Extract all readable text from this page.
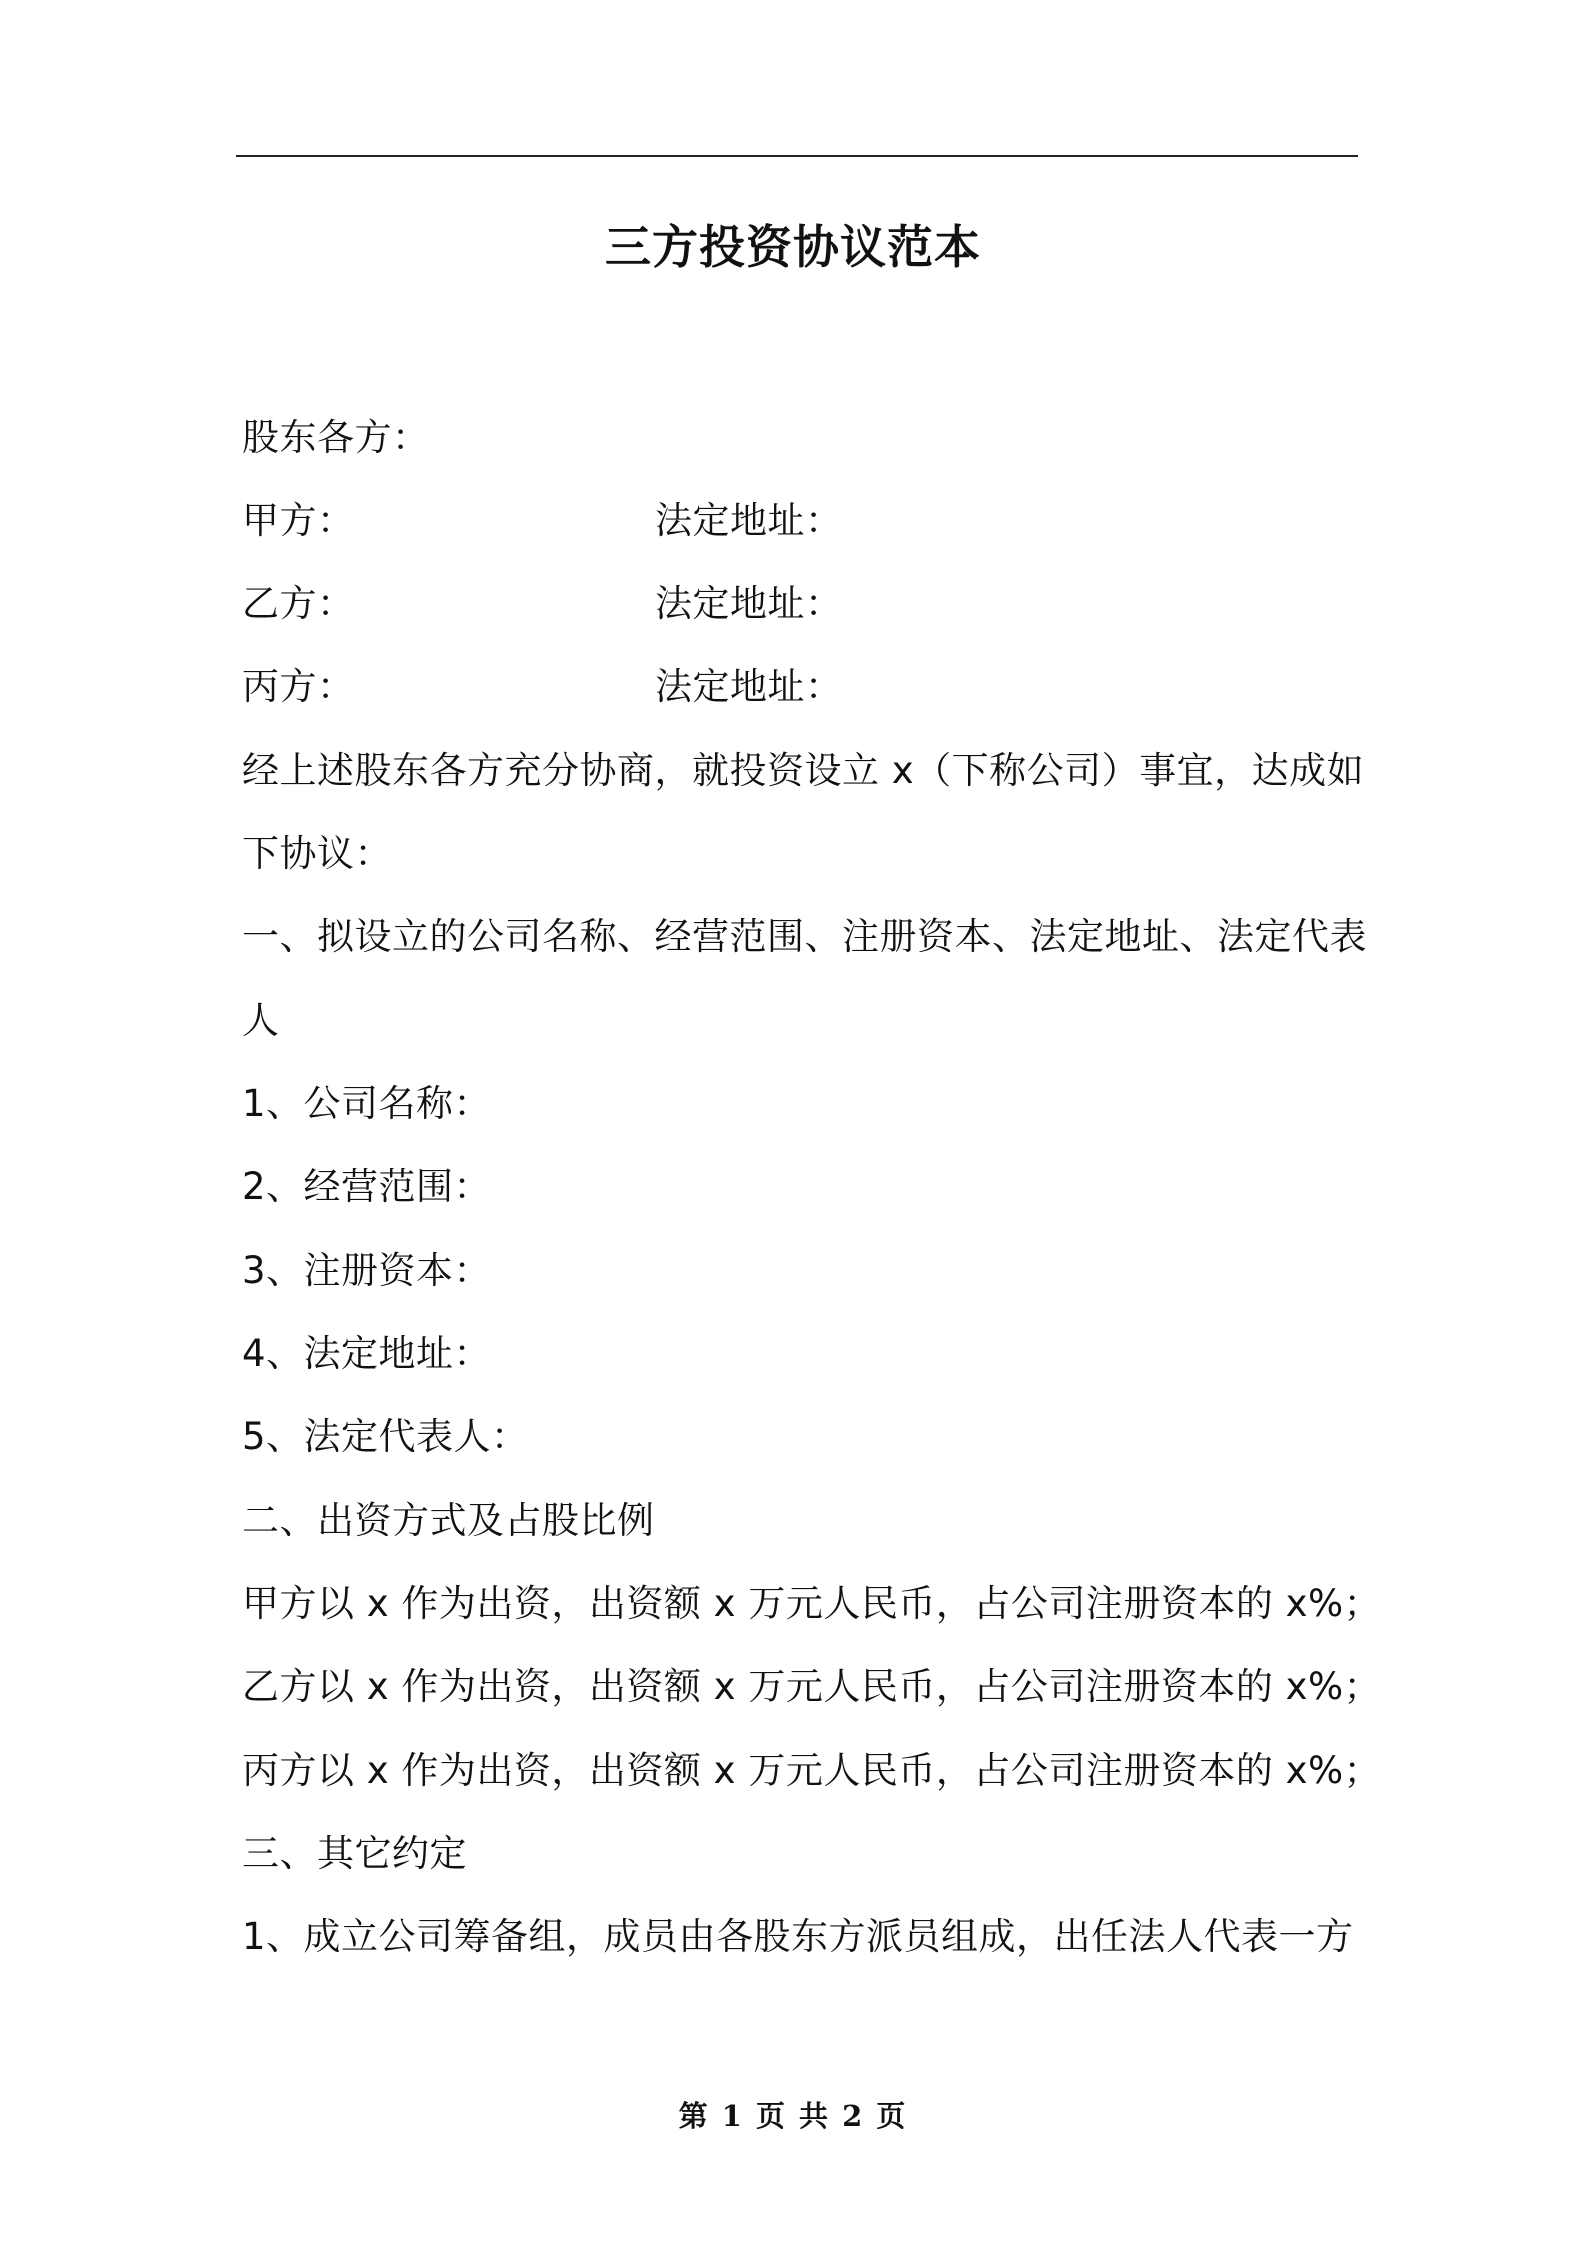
三方投资协议范本
股东各方：
甲方：	法定地址：
乙方：	法定地址：
丙方：	法定地址：
经上述股东各方充分协商，就投资设立 x（下称公司）事宜，达成如
下协议：
一、拟设立的公司名称、经营范围、注册资本、法定地址、法定代表
人
1、公司名称：
2、经营范围：
3、注册资本：
4、法定地址：
5、法定代表人：
二、出资方式及占股比例
甲方以 x 作为出资，出资额 x 万元人民币，占公司注册资本的 x%；
乙方以 x 作为出资，出资额 x 万元人民币，占公司注册资本的 x%；
丙方以 x 作为出资，出资额 x 万元人民币，占公司注册资本的 x%；
三、其它约定
1、成立公司筹备组，成员由各股东方派员组成，出任法人代表一方
第 1 页 共 2 页
